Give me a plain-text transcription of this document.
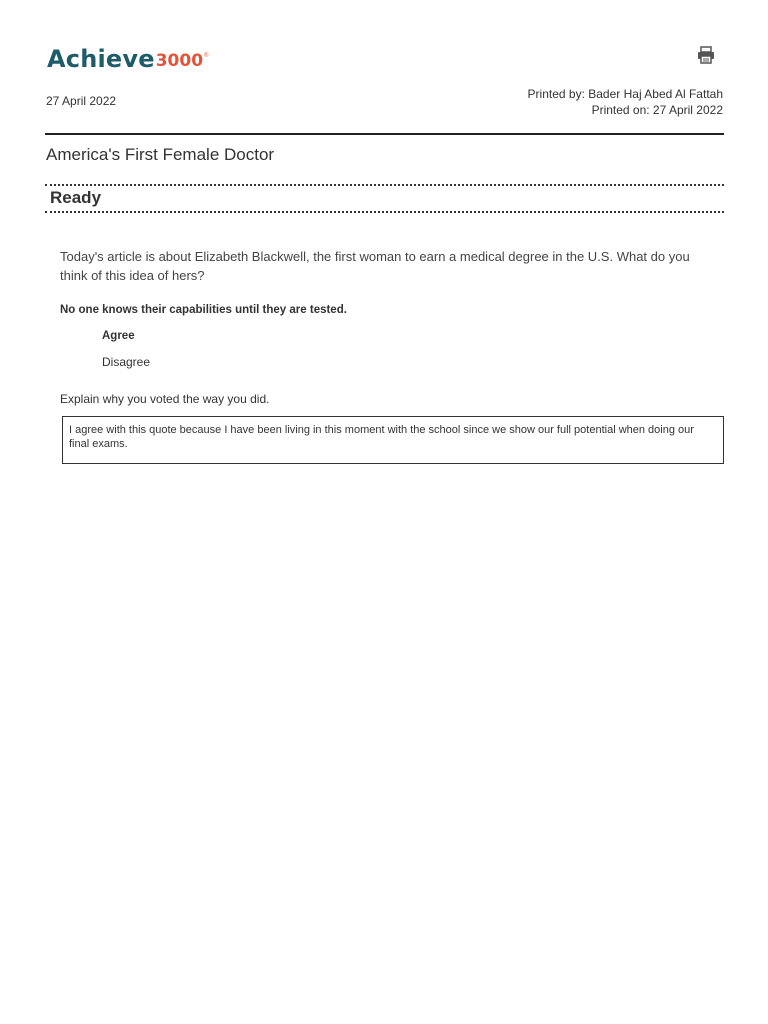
Achieve 3000 ®
27 April 2022	Printed by: Bader Haj Abed Al Fattah
Printed on: 27 April 2022
America's First Female Doctor
Ready
Today's article is about Elizabeth Blackwell, the first woman to earn a medical degree in the U.S. What do you think of this idea of hers?
No one knows their capabilities until they are tested.
Agree
Disagree
Explain why you voted the way you did.
I agree with this quote because I have been living in this moment with the school since we show our full potential when doing our final exams.
